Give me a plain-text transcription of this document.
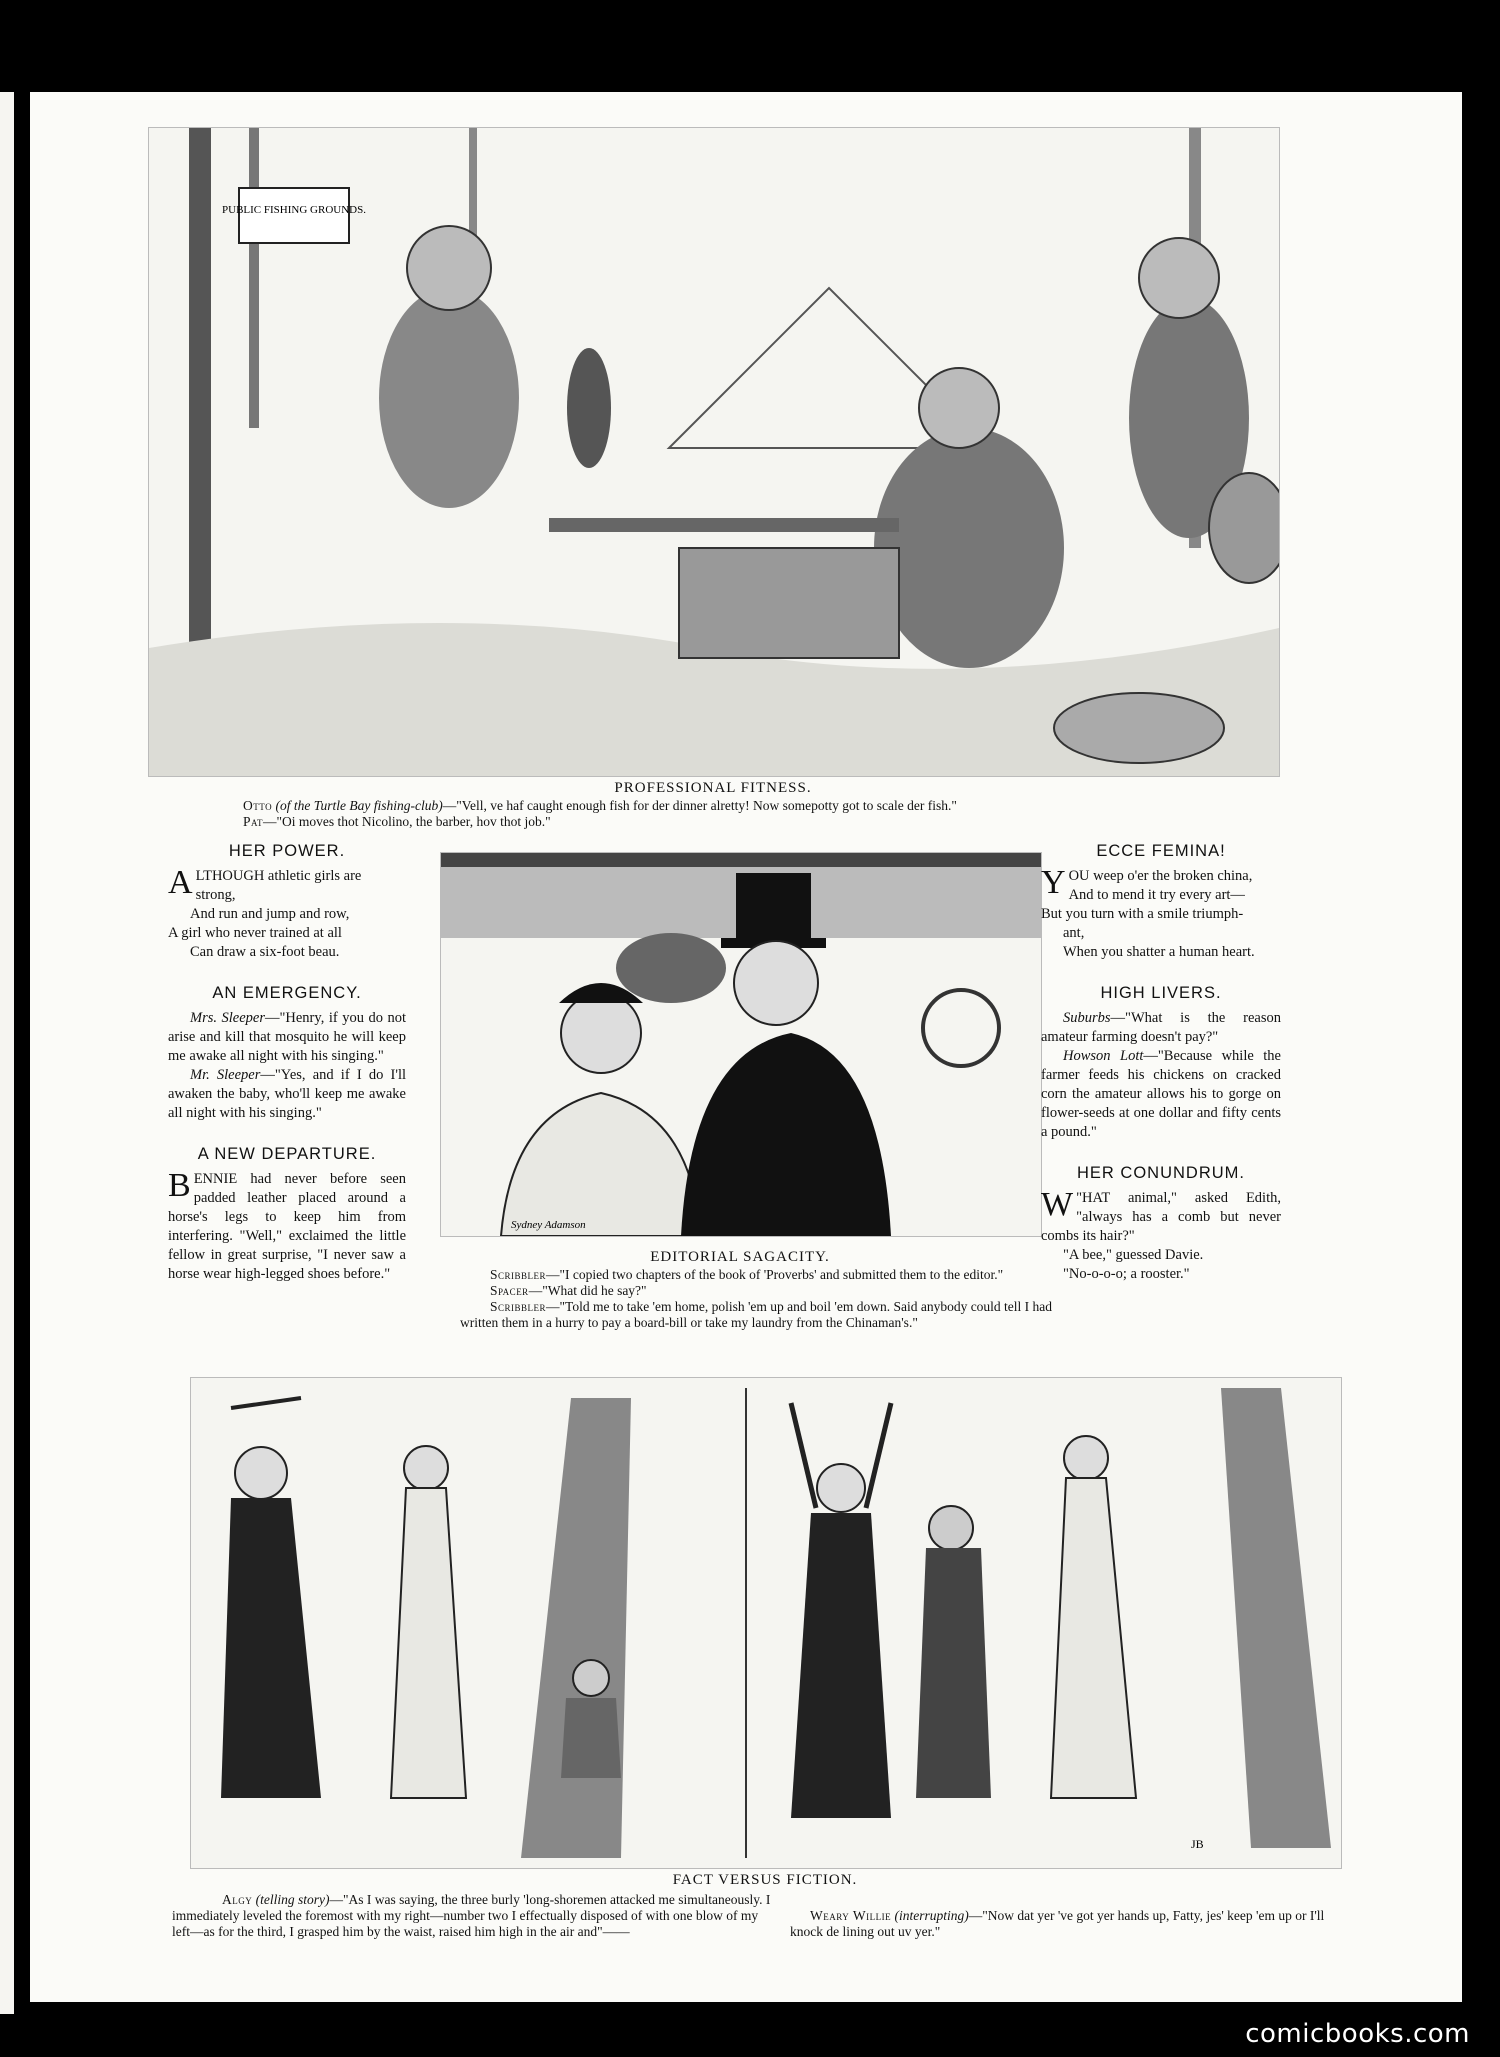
PUBLIC FISHING GROUNDS.
PROFESSIONAL FITNESS.

Otto (of the Turtle Bay fishing-club)—"Vell, ve haf caught enough fish for der dinner alretty! Now somepotty got to scale der fish."

Pat—"Oi moves thot Nicolino, the barber, hov thot job."

HER POWER.

ALTHOUGH athletic girls are

strong,

And run and jump and row,

A girl who never trained at all

Can draw a six-foot beau.

AN EMERGENCY.

Mrs. Sleeper—"Henry, if you do not arise and kill that mosquito he will keep me awake all night with his singing."

Mr. Sleeper—"Yes, and if I do I'll awaken the baby, who'll keep me awake all night with his singing."

A NEW DEPARTURE.

BENNIE had never before seen padded leather placed around a horse's legs to keep him from interfering. "Well," exclaimed the little fellow in great surprise, "I never saw a horse wear high-legged shoes before."

Sydney Adamson
EDITORIAL SAGACITY.

Scribbler—"I copied two chapters of the book of 'Proverbs' and submitted them to the editor."

Spacer—"What did he say?"

Scribbler—"Told me to take 'em home, polish 'em up and boil 'em down. Said anybody could tell I had written them in a hurry to pay a board-bill or take my laundry from the Chinaman's."

ECCE FEMINA!

YOU weep o'er the broken china,

And to mend it try every art—

But you turn with a smile triumph-

ant,

When you shatter a human heart.

HIGH LIVERS.

Suburbs—"What is the reason amateur farming doesn't pay?"

Howson Lott—"Because while the farmer feeds his chickens on cracked corn the amateur allows his to gorge on flower-seeds at one dollar and fifty cents a pound."

HER CONUNDRUM.

"
W HAT animal," asked Edith, "always has a comb but never combs its hair?"

"A bee," guessed Davie.

"No-o-o-o; a rooster."

JB
FACT VERSUS FICTION.

Algy (telling story)—"As I was saying, the three burly 'long-shoremen attacked me simultaneously. I immediately leveled the foremost with my right—number two I effectually disposed of with one blow of my left—as for the third, I grasped him by the waist, raised him high in the air and"——

Weary Willie (interrupting)—"Now dat yer 've got yer hands up, Fatty, jes' keep 'em up or I'll knock de lining out uv yer."

comicbooks.com
